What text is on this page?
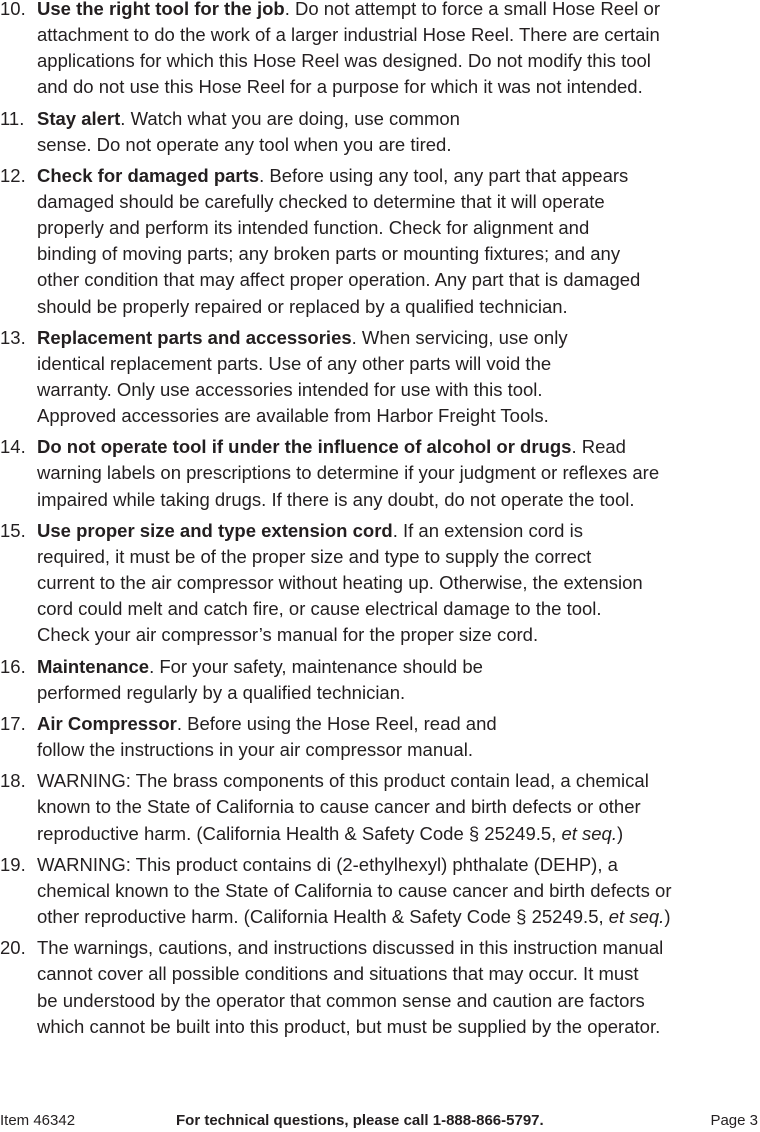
10. Use the right tool for the job. Do not attempt to force a small Hose Reel or
attachment to do the work of a larger industrial Hose Reel. There are certain
applications for which this Hose Reel was designed. Do not modify this tool
and do not use this Hose Reel for a purpose for which it was not intended.
11. Stay alert. Watch what you are doing, use common
sense. Do not operate any tool when you are tired.
12. Check for damaged parts. Before using any tool, any part that appears
damaged should be carefully checked to determine that it will operate
properly and perform its intended function. Check for alignment and
binding of moving parts; any broken parts or mounting fixtures; and any
other condition that may affect proper operation. Any part that is damaged
should be properly repaired or replaced by a qualified technician.
13. Replacement parts and accessories. When servicing, use only
identical replacement parts. Use of any other parts will void the
warranty. Only use accessories intended for use with this tool.
Approved accessories are available from Harbor Freight Tools.
14. Do not operate tool if under the influence of alcohol or drugs. Read
warning labels on prescriptions to determine if your judgment or reflexes are
impaired while taking drugs. If there is any doubt, do not operate the tool.
15. Use proper size and type extension cord. If an extension cord is
required, it must be of the proper size and type to supply the correct
current to the air compressor without heating up. Otherwise, the extension
cord could melt and catch fire, or cause electrical damage to the tool.
Check your air compressor’s manual for the proper size cord.
16. Maintenance. For your safety, maintenance should be
performed regularly by a qualified technician.
17. Air Compressor. Before using the Hose Reel, read and
follow the instructions in your air compressor manual.
18. WARNING: The brass components of this product contain lead, a chemical
known to the State of California to cause cancer and birth defects or other
reproductive harm. (California Health & Safety Code § 25249.5, et seq.)
19. WARNING: This product contains di (2-ethylhexyl) phthalate (DEHP), a
chemical known to the State of California to cause cancer and birth defects or
other reproductive harm. (California Health & Safety Code § 25249.5, et seq.)
20. The warnings, cautions, and instructions discussed in this instruction manual
cannot cover all possible conditions and situations that may occur. It must
be understood by the operator that common sense and caution are factors
which cannot be built into this product, but must be supplied by the operator.
Item 46342	For technical questions, please call 1-888-866-5797.	Page 3
